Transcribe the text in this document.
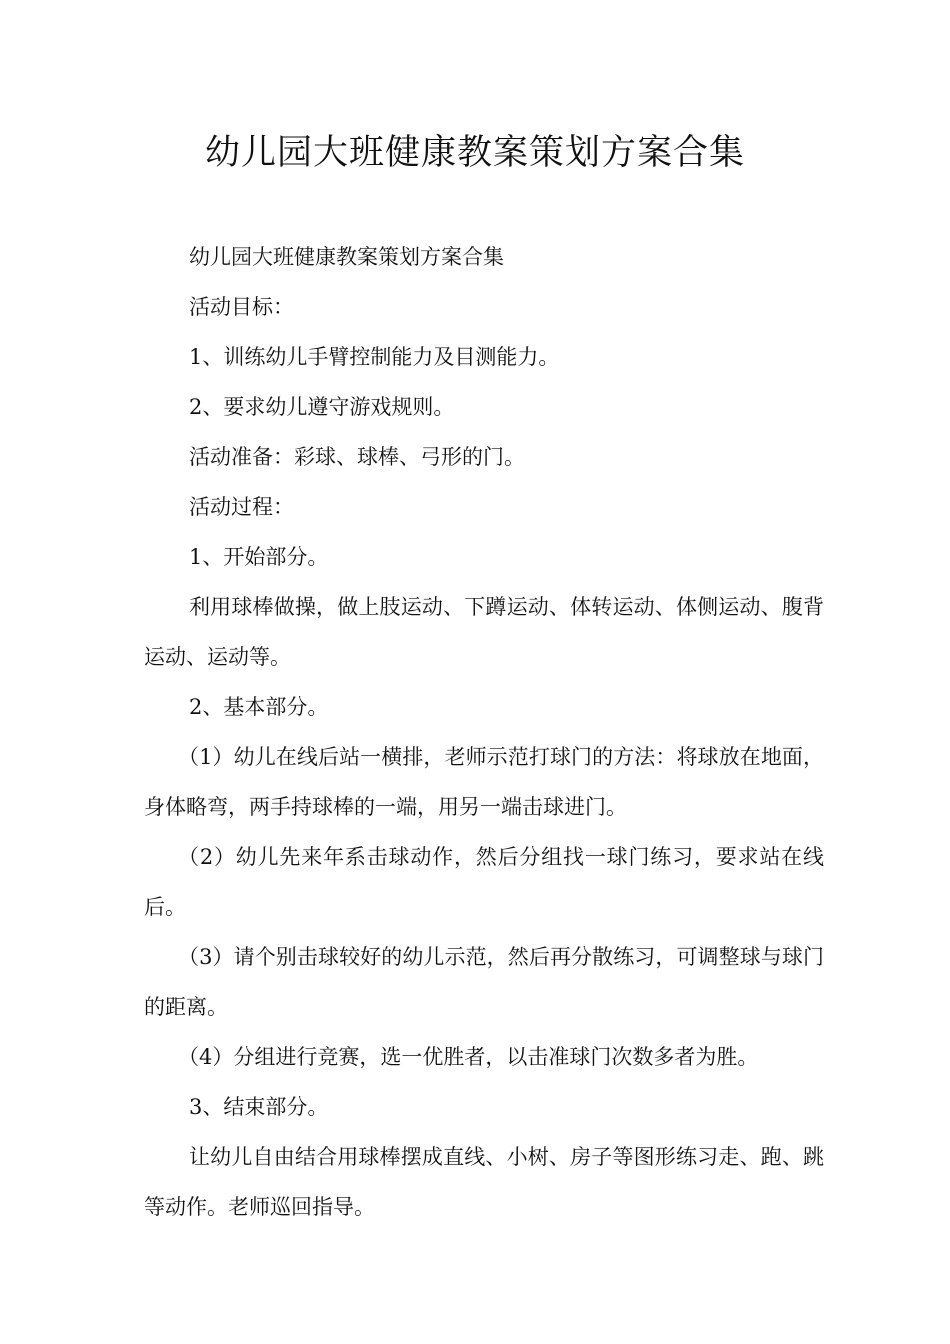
幼儿园大班健康教案策划方案合集

幼儿园大班健康教案策划方案合集

活动目标：

1、训练幼儿手臂控制能力及目测能力。

2、要求幼儿遵守游戏规则。

活动准备：彩球、球棒、弓形的门。

活动过程：

1、开始部分。

利用球棒做操，做上肢运动、下蹲运动、体转运动、体侧运动、腹背运动、运动等。

2、基本部分。

（1）幼儿在线后站一横排，老师示范打球门的方法：将球放在地面，身体略弯，两手持球棒的一端，用另一端击球进门。

（2）幼儿先来年系击球动作，然后分组找一球门练习，要求站在线后。

（3）请个别击球较好的幼儿示范，然后再分散练习，可调整球与球门的距离。

（4）分组进行竞赛，选一优胜者，以击准球门次数多者为胜。

3、结束部分。

让幼儿自由结合用球棒摆成直线、小树、房子等图形练习走、跑、跳等动作。老师巡回指导。
